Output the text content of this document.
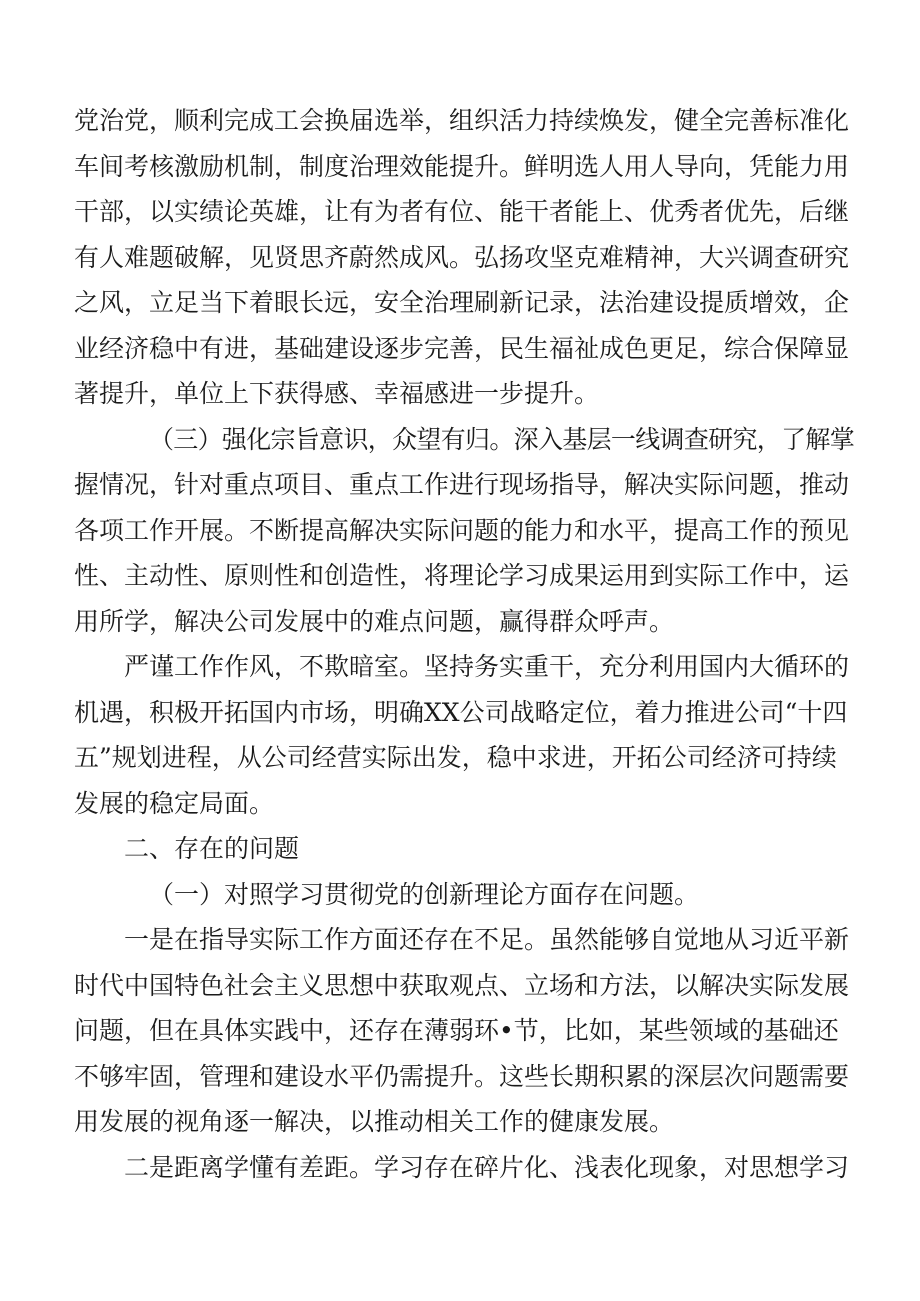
党治党，顺利完成工会换届选举，组织活力持续焕发，健全完善标准化
车间考核激励机制，制度治理效能提升。鲜明选人用人导向，凭能力用
干部，以实绩论英雄，让有为者有位、能干者能上、优秀者优先，后继
有人难题破解，见贤思齐蔚然成风。弘扬攻坚克难精神，大兴调查研究
之风，立足当下着眼长远，安全治理刷新记录，法治建设提质增效，企
业经济稳中有进，基础建设逐步完善，民生福祉成色更足，综合保障显
著提升，单位上下获得感、幸福感进一步提升。
（三）强化宗旨意识，众望有归。深入基层一线调查研究，了解掌
握情况，针对重点项目、重点工作进行现场指导，解决实际问题，推动
各项工作开展。不断提高解决实际问题的能力和水平，提高工作的预见
性、主动性、原则性和创造性，将理论学习成果运用到实际工作中，运
用所学，解决公司发展中的难点问题，赢得群众呼声。
严谨工作作风，不欺暗室。坚持务实重干，充分利用国内大循环的
机遇，积极开拓国内市场，明确XX公司战略定位，着力推进公司“十四
五”规划进程，从公司经营实际出发，稳中求进，开拓公司经济可持续
发展的稳定局面。
二、存在的问题
（一）对照学习贯彻党的创新理论方面存在问题。
一是在指导实际工作方面还存在不足。虽然能够自觉地从习近平新
时代中国特色社会主义思想中获取观点、立场和方法，以解决实际发展
问题，但在具体实践中，还存在薄弱环•节，比如，某些领域的基础还
不够牢固，管理和建设水平仍需提升。这些长期积累的深层次问题需要
用发展的视角逐一解决，以推动相关工作的健康发展。
二是距离学懂有差距。学习存在碎片化、浅表化现象，对思想学习
